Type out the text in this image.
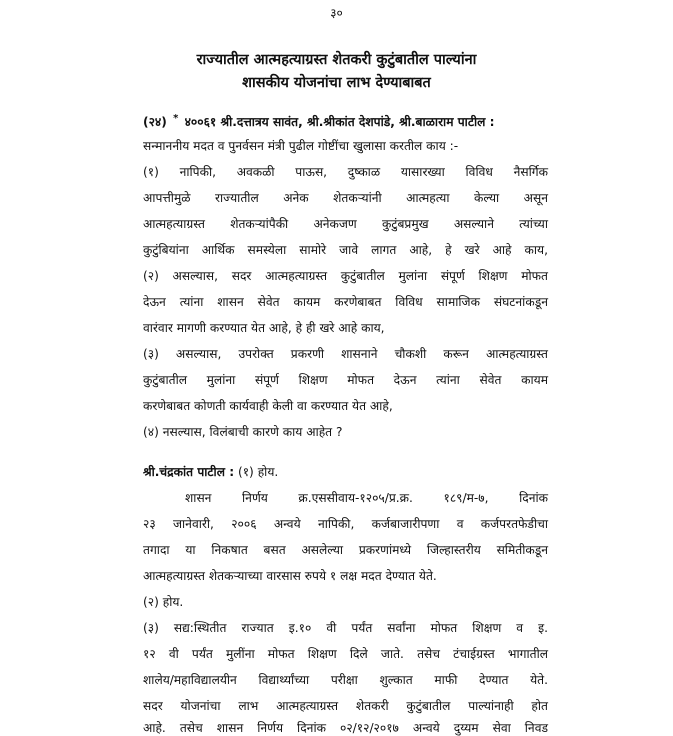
३०
राज्यातील आत्महत्याग्रस्त शेतकरी कुटुंबातील पाल्यांना
शासकीय योजनांचा लाभ देण्याबाबत
(२४) * ४००६१ श्री.दत्तात्रय सावंत, श्री.श्रीकांत देशपांडे, श्री.बाळाराम पाटील :
सन्माननीय मदत व पुनर्वसन मंत्री पुढील गोष्टींचा खुलासा करतील काय :-
(१) नापिकी, अवकळी पाऊस, दुष्काळ यासारख्या विविध नैसर्गिक
आपत्तीमुळे राज्यातील अनेक शेतकऱ्यांनी आत्महत्या केल्या असून
आत्महत्याग्रस्त शेतकऱ्यांपैकी अनेकजण कुटुंबप्रमुख असल्याने त्यांच्या
कुटुंबियांना आर्थिक समस्येला सामोरे जावे लागत आहे, हे खरे आहे काय,
(२) असल्यास, सदर आत्महत्याग्रस्त कुटुंबातील मुलांना संपूर्ण शिक्षण मोफत
देऊन त्यांना शासन सेवेत कायम करणेबाबत विविध सामाजिक संघटनांकडून
वारंवार मागणी करण्यात येत आहे, हे ही खरे आहे काय,
(३) असल्यास, उपरोक्त प्रकरणी शासनाने चौकशी करून आत्महत्याग्रस्त
कुटुंबातील मुलांना संपूर्ण शिक्षण मोफत देऊन त्यांना सेवेत कायम
करणेबाबत कोणती कार्यवाही केली वा करण्यात येत आहे,
(४) नसल्यास, विलंबाची कारणे काय आहेत ?
श्री.चंद्रकांत पाटील : (१) होय.
शासन निर्णय क्र.एससीवाय-१२०५/प्र.क्र. १८९/म-७, दिनांक
२३ जानेवारी, २००६ अन्वये नापिकी, कर्जबाजारीपणा व कर्जपरतफेडीचा
तगादा या निकषात बसत असलेल्या प्रकरणांमध्ये जिल्हास्तरीय समितीकडून
आत्महत्याग्रस्त शेतकऱ्याच्या वारसास रुपये १ लक्ष मदत देण्यात येते.
(२) होय.
(३) सद्य:स्थितीत राज्यात इ.१० वी पर्यंत सर्वांना मोफत शिक्षण व इ.
१२ वी पर्यंत मुलींना मोफत शिक्षण दिले जाते. तसेच टंचाईग्रस्त भागातील
शालेय/महाविद्यालयीन विद्यार्थ्यांच्या परीक्षा शुल्कात माफी देण्यात येते.
सदर योजनांचा लाभ आत्महत्याग्रस्त शेतकरी कुटुंबातील पाल्यांनाही होत
आहे. तसेच शासन निर्णय दिनांक ०२/१२/२०१७ अन्वये दुय्यम सेवा निवड
